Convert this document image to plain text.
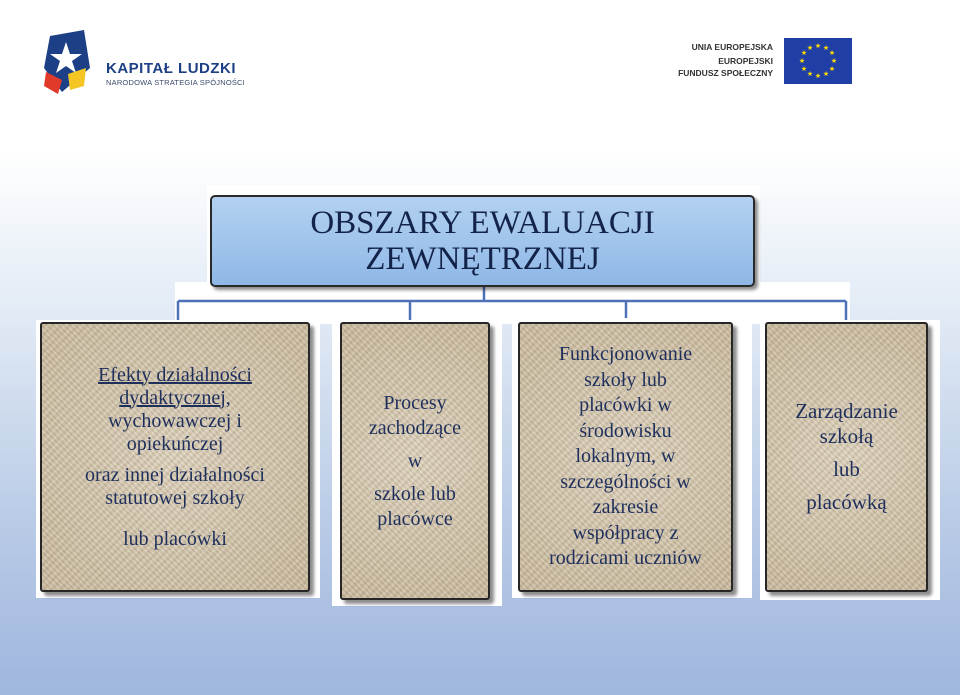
KAPITAŁ LUDZKI
NARODOWA STRATEGIA SPÓJNOŚCI
UNIA EUROPEJSKA
EUROPEJSKI
FUNDUSZ SPOŁECZNY
★ ★
★
★
★
★
★
★
★
★
★
★
OBSZARY EWALUACJI
ZEWNĘTRZNEJ
Efekty działalności
dydaktycznej,
wychowawczej i
opiekuńczej
oraz innej działalności
statutowej szkoły
lub placówki
Procesy
zachodzące
w
szkole lub
placówce
Funkcjonowanie
szkoły lub
placówki w
środowisku
lokalnym, w
szczególności w
zakresie
współpracy z
rodzicami uczniów
Zarządzanie
szkołą
lub
placówką
